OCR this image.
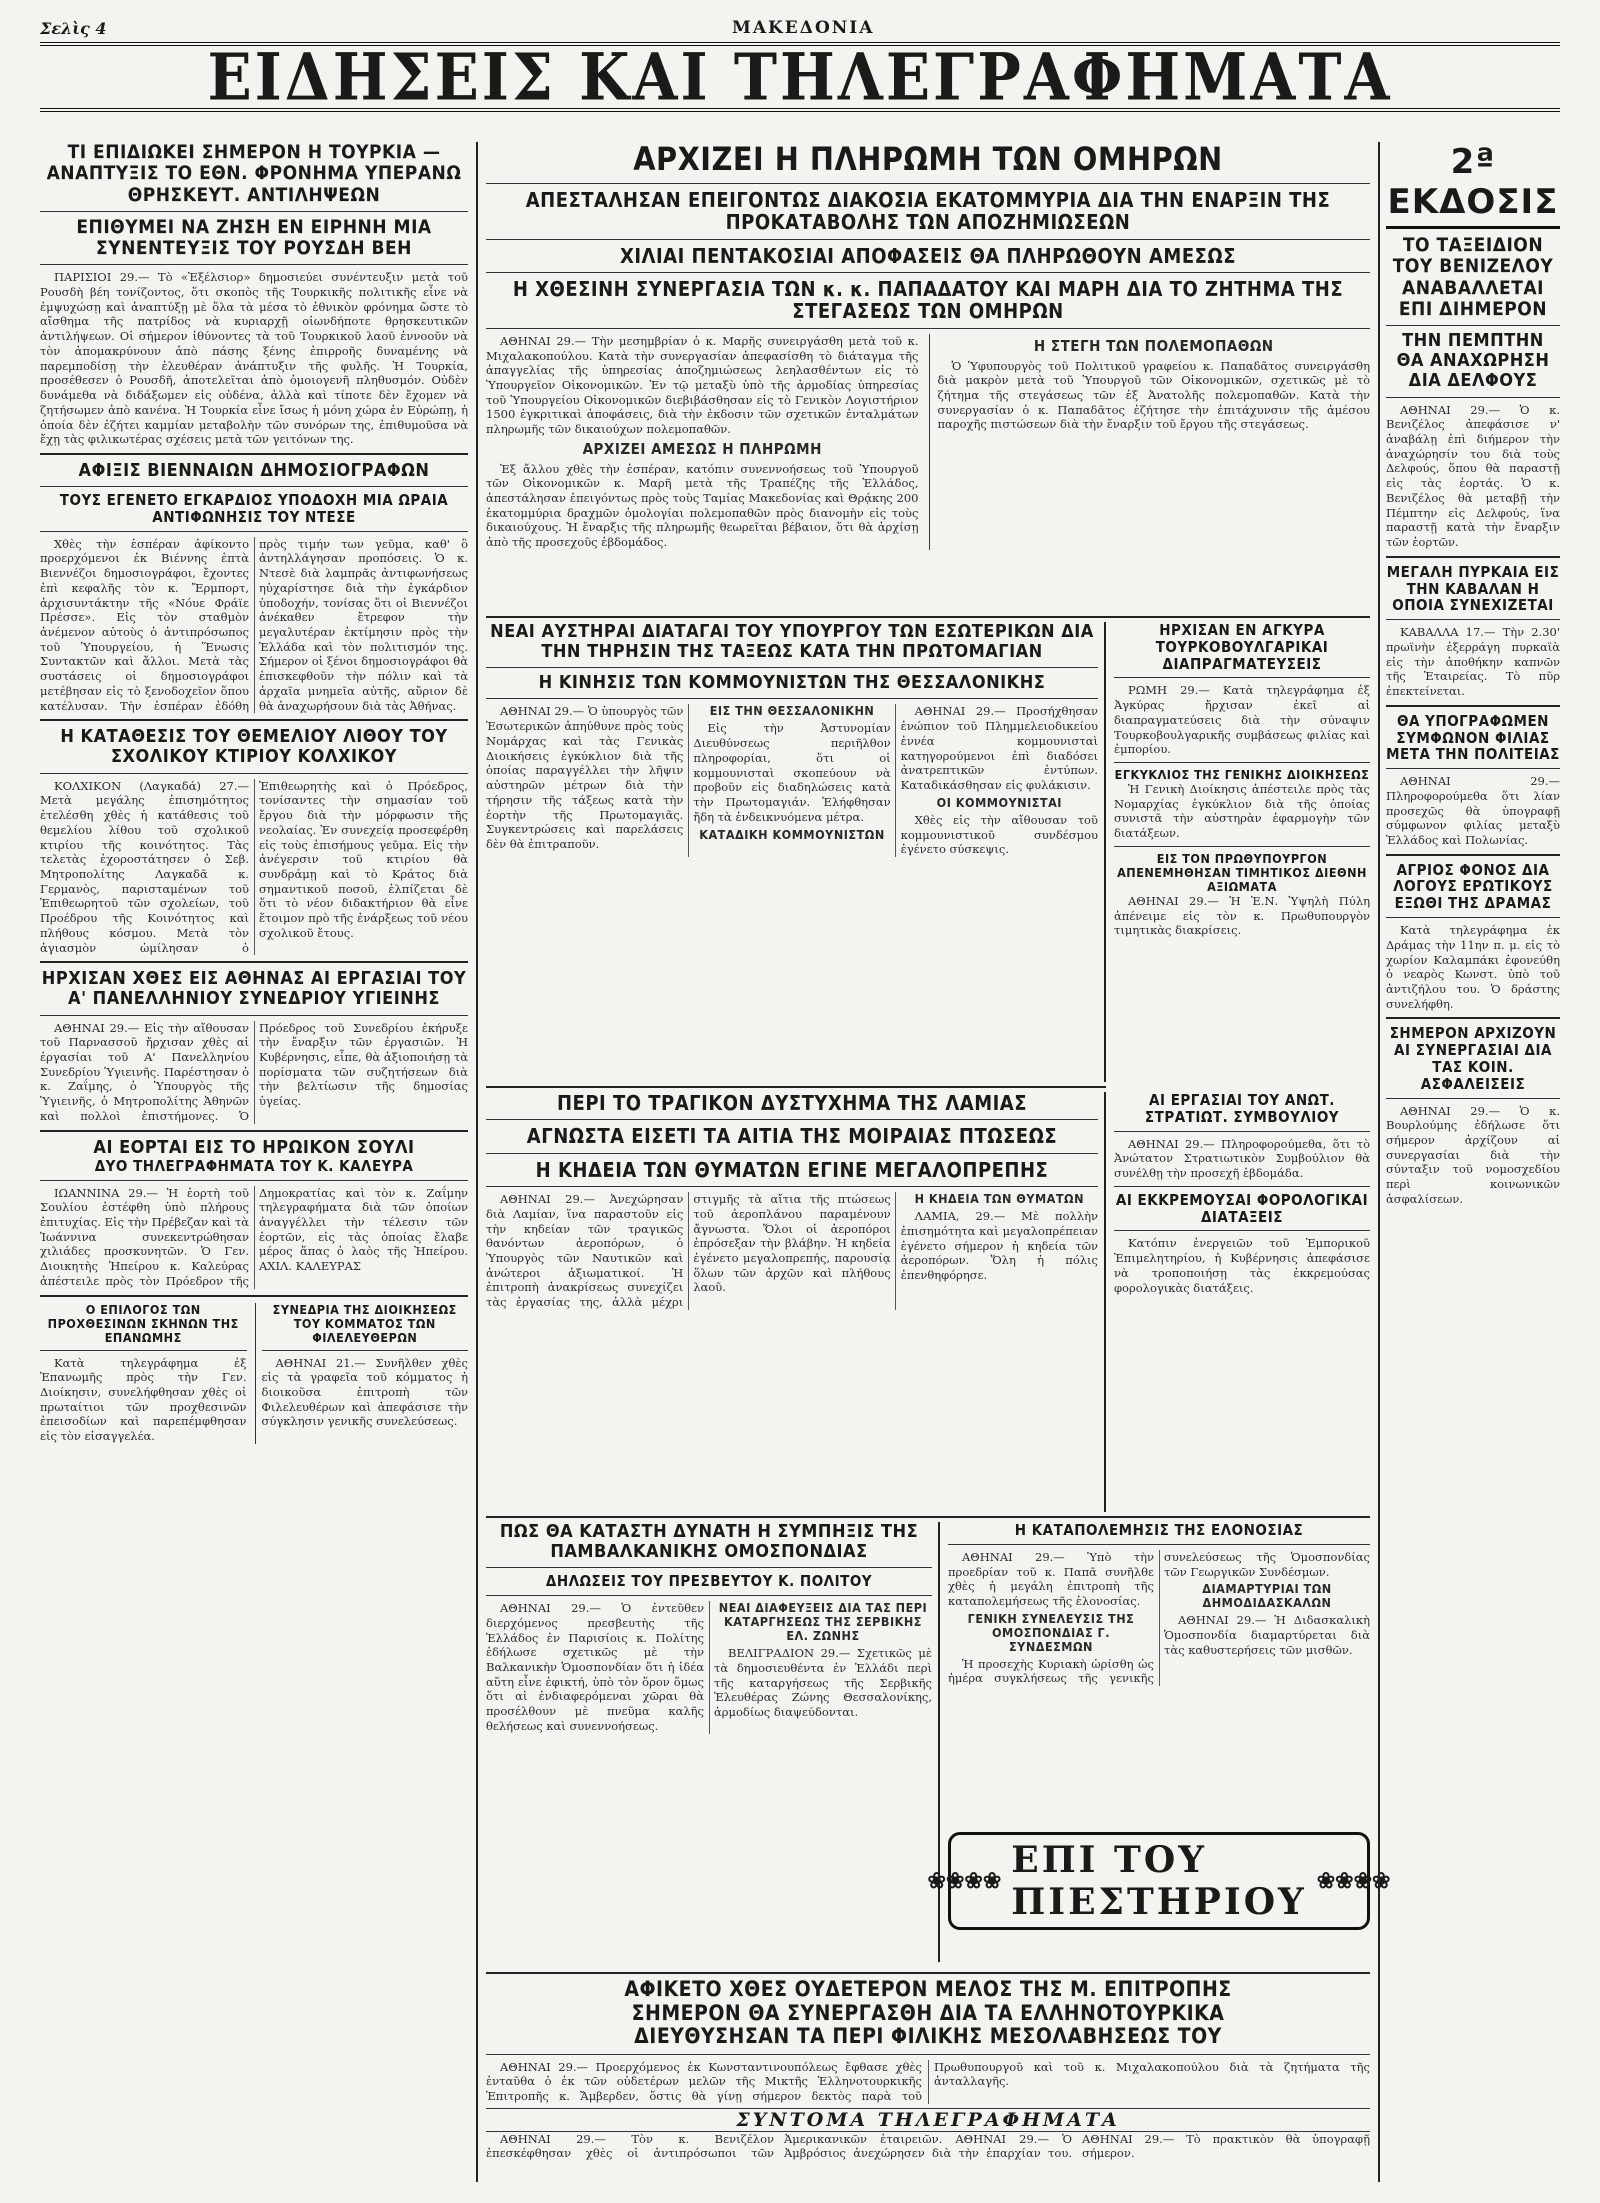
Σελὶς 4	ΜΑΚΕΔΟΝΙΑ
ΕΙΔΗΣΕΙΣ ΚΑΙ ΤΗΛΕΓΡΑΦΗΜΑΤΑ
ΤΙ ΕΠΙΔΙΩΚΕΙ ΣΗΜΕΡΟΝ Η ΤΟΥΡΚΙΑ — ΑΝΑΠΤΥΞΙΣ ΤΟ ΕΘΝ. ΦΡΟΝΗΜΑ ΥΠΕΡΑΝΩ ΘΡΗΣΚΕΥΤ. ΑΝΤΙΛΗΨΕΩΝ
ΕΠΙΘΥΜΕΙ ΝΑ ΖΗΣΗ ΕΝ ΕΙΡΗΝΗ ΜΙΑ ΣΥΝΕΝΤΕΥΞΙΣ ΤΟΥ ΡΟΥΣΔΗ ΒΕΗ

ΠΑΡΙΣΙΟΙ 29.— Τὸ «Ἐξέλσιορ» δημοσιεύει συνέντευξιν μετὰ τοῦ Ρουσδὴ βέη τονίζοντος, ὅτι σκοπὸς τῆς Τουρκικῆς πολιτικῆς εἶνε νὰ ἐμψυχώσῃ καὶ ἀναπτύξῃ μὲ ὅλα τὰ μέσα τὸ ἐθνικὸν φρόνημα ὥστε τὸ αἴσθημα τῆς πατρίδος νὰ κυριαρχῇ οἱωνδήποτε θρησκευτικῶν ἀντιλήψεων. Οἱ σήμερον ἰθύνοντες τὰ τοῦ Τουρκικοῦ λαοῦ ἐννοοῦν νὰ τὸν ἀπομακρύνουν ἀπὸ πάσης ξένης ἐπιρροῆς δυναμένης νὰ παρεμποδίσῃ τὴν ἐλευθέραν ἀνάπτυξιν τῆς φυλῆς. Ἡ Τουρκία, προσέθεσεν ὁ Ρουσδῆ, ἀποτελεῖται ἀπὸ ὁμοιογενῆ πληθυσμόν. Οὐδὲν δυνάμεθα νὰ διδάξωμεν εἰς οὐδένα, ἀλλὰ καὶ τίποτε δὲν ἔχομεν νὰ ζητήσωμεν ἀπὸ κανένα. Ἡ Τουρκία εἶνε ἴσως ἡ μόνη χώρα ἐν Εὐρώπῃ, ἡ ὁποία δὲν ἐζήτει καμμίαν μεταβολὴν τῶν συνόρων της, ἐπιθυμοῦσα νὰ ἔχῃ τὰς φιλικωτέρας σχέσεις μετὰ τῶν γειτόνων της.

ΑΦΙΞΙΣ ΒΙΕΝΝΑΙΩΝ ΔΗΜΟΣΙΟΓΡΑΦΩΝ
ΤΟΥΣ ΕΓΕΝΕΤΟ ΕΓΚΑΡΔΙΟΣ ΥΠΟΔΟΧΗ ΜΙΑ ΩΡΑΙΑ ΑΝΤΙΦΩΝΗΣΙΣ ΤΟΥ ΝΤΕΣΕ

Χθὲς τὴν ἑσπέραν ἀφίκοντο προερχόμενοι ἐκ Βιέννης ἑπτὰ Βιεννέζοι δημοσιογράφοι, ἔχοντες ἐπὶ κεφαλῆς τὸν κ. Ἔρμπορτ, ἀρχισυντάκτην τῆς «Νόυε Φράϊε Πρέσσε». Εἰς τὸν σταθμὸν ἀνέμενον αὐτοὺς ὁ ἀντιπρόσωπος τοῦ Ὑπουργείου, ἡ Ἕνωσις Συντακτῶν καὶ ἄλλοι. Μετὰ τὰς συστάσεις οἱ δημοσιογράφοι μετέβησαν εἰς τὸ ξενοδοχεῖον ὅπου κατέλυσαν. Τὴν ἑσπέραν ἐδόθη πρὸς τιμήν των γεῦμα, καθ' ὃ ἀντηλλάγησαν προπόσεις. Ὁ κ. Ντεσὲ διὰ λαμπρᾶς ἀντιφωνήσεως ηὐχαρίστησε διὰ τὴν ἐγκάρδιον ὑποδοχήν, τονίσας ὅτι οἱ Βιεννέζοι ἀνέκαθεν ἔτρεφον τὴν μεγαλυτέραν ἐκτίμησιν πρὸς τὴν Ἑλλάδα καὶ τὸν πολιτισμόν της. Σήμερον οἱ ξένοι δημοσιογράφοι θὰ ἐπισκεφθοῦν τὴν πόλιν καὶ τὰ ἀρχαῖα μνημεῖα αὐτῆς, αὔριον δὲ θὰ ἀναχωρήσουν διὰ τὰς Ἀθήνας.

Η ΚΑΤΑΘΕΣΙΣ ΤΟΥ ΘΕΜΕΛΙΟΥ ΛΙΘΟΥ ΤΟΥ ΣΧΟΛΙΚΟΥ ΚΤΙΡΙΟΥ ΚΟΛΧΙΚΟΥ

ΚΟΛΧΙΚΟΝ (Λαγκαδά) 27.— Μετὰ μεγάλης ἐπισημότητος ἐτελέσθη χθὲς ἡ κατάθεσις τοῦ θεμελίου λίθου τοῦ σχολικοῦ κτιρίου τῆς κοινότητος. Τὰς τελετὰς ἐχοροστάτησεν ὁ Σεβ. Μητροπολίτης Λαγκαδᾶ κ. Γερμανὸς, παρισταμένων τοῦ Ἐπιθεωρητοῦ τῶν σχολείων, τοῦ Προέδρου τῆς Κοινότητος καὶ πλήθους κόσμου. Μετὰ τὸν ἁγιασμὸν ὡμίλησαν ὁ Ἐπιθεωρητὴς καὶ ὁ Πρόεδρος, τονίσαντες τὴν σημασίαν τοῦ ἔργου διὰ τὴν μόρφωσιν τῆς νεολαίας. Ἐν συνεχείᾳ προσεφέρθη εἰς τοὺς ἐπισήμους γεῦμα. Εἰς τὴν ἀνέγερσιν τοῦ κτιρίου θὰ συνδράμῃ καὶ τὸ Κράτος διὰ σημαντικοῦ ποσοῦ, ἐλπίζεται δὲ ὅτι τὸ νέον διδακτήριον θὰ εἶνε ἕτοιμον πρὸ τῆς ἐνάρξεως τοῦ νέου σχολικοῦ ἔτους.

ΗΡΧΙΣΑΝ ΧΘΕΣ ΕΙΣ ΑΘΗΝΑΣ ΑΙ ΕΡΓΑΣΙΑΙ ΤΟΥ Α' ΠΑΝΕΛΛΗΝΙΟΥ ΣΥΝΕΔΡΙΟΥ ΥΓΙΕΙΝΗΣ

ΑΘΗΝΑΙ 29.— Εἰς τὴν αἴθουσαν τοῦ Παρνασσοῦ ἤρχισαν χθὲς αἱ ἐργασίαι τοῦ Α' Πανελληνίου Συνεδρίου Ὑγιεινῆς. Παρέστησαν ὁ κ. Ζαΐμης, ὁ Ὑπουργὸς τῆς Ὑγιεινῆς, ὁ Μητροπολίτης Ἀθηνῶν καὶ πολλοὶ ἐπιστήμονες. Ὁ Πρόεδρος τοῦ Συνεδρίου ἐκήρυξε τὴν ἔναρξιν τῶν ἐργασιῶν. Ἡ Κυβέρνησις, εἶπε, θὰ ἀξιοποιήσῃ τὰ πορίσματα τῶν συζητήσεων διὰ τὴν βελτίωσιν τῆς δημοσίας ὑγείας.

ΑΙ ΕΟΡΤΑΙ ΕΙΣ ΤΟ ΗΡΩΙΚΟΝ ΣΟΥΛΙ
ΔΥΟ ΤΗΛΕΓΡΑΦΗΜΑΤΑ ΤΟΥ Κ. ΚΑΛΕΥΡΑ

ΙΩΑΝΝΙΝΑ 29.— Ἡ ἑορτὴ τοῦ Σουλίου ἐστέφθη ὑπὸ πλήρους ἐπιτυχίας. Εἰς τὴν Πρέβεζαν καὶ τὰ Ἰωάννινα συνεκεντρώθησαν χιλιάδες προσκυνητῶν. Ὁ Γεν. Διοικητὴς Ἠπείρου κ. Καλεύρας ἀπέστειλε πρὸς τὸν Πρόεδρον τῆς Δημοκρατίας καὶ τὸν κ. Ζαΐμην τηλεγραφήματα διὰ τῶν ὁποίων ἀναγγέλλει τὴν τέλεσιν τῶν ἑορτῶν, εἰς τὰς ὁποίας ἔλαβε μέρος ἅπας ὁ λαὸς τῆς Ἠπείρου. ΑΧΙΛ. ΚΑΛΕΥΡΑΣ

Ο ΕΠΙΛΟΓΟΣ ΤΩΝ ΠΡΟΧΘΕΣΙΝΩΝ ΣΚΗΝΩΝ ΤΗΣ ΕΠΑΝΩΜΗΣ

Κατὰ τηλεγράφημα ἐξ Ἐπανωμῆς πρὸς τὴν Γεν. Διοίκησιν, συνελήφθησαν χθὲς οἱ πρωταίτιοι τῶν προχθεσινῶν ἐπεισοδίων καὶ παρεπέμφθησαν εἰς τὸν εἰσαγγελέα.

ΣΥΝΕΔΡΙΑ ΤΗΣ ΔΙΟΙΚΗΣΕΩΣ ΤΟΥ ΚΟΜΜΑΤΟΣ ΤΩΝ ΦΙΛΕΛΕΥΘΕΡΩΝ

ΑΘΗΝΑΙ 21.— Συνῆλθεν χθὲς εἰς τὰ γραφεῖα τοῦ κόμματος ἡ διοικοῦσα ἐπιτροπὴ τῶν Φιλελευθέρων καὶ ἀπεφάσισε τὴν σύγκλησιν γενικῆς συνελεύσεως.

ΑΡΧΙΖΕΙ Η ΠΛΗΡΩΜΗ ΤΩΝ ΟΜΗΡΩΝ
ΑΠΕΣΤΑΛΗΣΑΝ ΕΠΕΙΓΟΝΤΩΣ ΔΙΑΚΟΣΙΑ ΕΚΑΤΟΜΜΥΡΙΑ ΔΙΑ ΤΗΝ ΕΝΑΡΞΙΝ ΤΗΣ ΠΡΟΚΑΤΑΒΟΛΗΣ ΤΩΝ ΑΠΟΖΗΜΙΩΣΕΩΝ
ΧΙΛΙΑΙ ΠΕΝΤΑΚΟΣΙΑΙ ΑΠΟΦΑΣΕΙΣ ΘΑ ΠΛΗΡΩΘΟΥΝ ΑΜΕΣΩΣ
Η ΧΘΕΣΙΝΗ ΣΥΝΕΡΓΑΣΙΑ ΤΩΝ κ. κ. ΠΑΠΑΔΑΤΟΥ ΚΑΙ ΜΑΡΗ ΔΙΑ ΤΟ ΖΗΤΗΜΑ ΤΗΣ ΣΤΕΓΑΣΕΩΣ ΤΩΝ ΟΜΗΡΩΝ

ΑΘΗΝΑΙ 29.— Τὴν μεσημβρίαν ὁ κ. Μαρῆς συνειργάσθη μετὰ τοῦ κ. Μιχαλακοπούλου. Κατὰ τὴν συνεργασίαν ἀπεφασίσθη τὸ διάταγμα τῆς ἀπαγγελίας τῆς ὑπηρεσίας ἀποζημιώσεως λεηλασθέντων εἰς τὸ Ὑπουργεῖον Οἰκονομικῶν. Ἐν τῷ μεταξὺ ὑπὸ τῆς ἁρμοδίας ὑπηρεσίας τοῦ Ὑπουργείου Οἰκονομικῶν διεβιβάσθησαν εἰς τὸ Γενικὸν Λογιστήριον 1500 ἐγκριτικαὶ ἀποφάσεις, διὰ τὴν ἐκδοσιν τῶν σχετικῶν ἐνταλμάτων πληρωμῆς τῶν δικαιούχων πολεμοπαθῶν.

ΑΡΧΙΖΕΙ ΑΜΕΣΩΣ Η ΠΛΗΡΩΜΗ

Ἐξ ἄλλου χθὲς τὴν ἑσπέραν, κατόπιν συνεννοήσεως τοῦ Ὑπουργοῦ τῶν Οἰκονομικῶν κ. Μαρῆ μετὰ τῆς Τραπέζης τῆς Ἑλλάδος, ἀπεστάλησαν ἐπειγόντως πρὸς τοὺς Ταμίας Μακεδονίας καὶ Θρᾴκης 200 ἑκατομμύρια δραχμῶν ὁμολογίαι πολεμοπαθῶν πρὸς διανομὴν εἰς τοὺς δικαιούχους. Ἡ ἔναρξις τῆς πληρωμῆς θεωρεῖται βέβαιον, ὅτι θὰ ἀρχίσῃ ἀπὸ τῆς προσεχοῦς ἑβδομάδος.

Η ΣΤΕΓΗ ΤΩΝ ΠΟΛΕΜΟΠΑΘΩΝ

Ὁ Ὑφυπουργὸς τοῦ Πολιτικοῦ γραφείου κ. Παπαδᾶτος συνειργάσθη διὰ μακρὸν μετὰ τοῦ Ὑπουργοῦ τῶν Οἰκονομικῶν, σχετικῶς μὲ τὸ ζήτημα τῆς στεγάσεως τῶν ἐξ Ἀνατολῆς πολεμοπαθῶν. Κατὰ τὴν συνεργασίαν ὁ κ. Παπαδᾶτος ἐζήτησε τὴν ἐπιτάχυνσιν τῆς ἀμέσου παροχῆς πιστώσεων διὰ τὴν ἔναρξιν τοῦ ἔργου τῆς στεγάσεως.

ΝΕΑΙ ΑΥΣΤΗΡΑΙ ΔΙΑΤΑΓΑΙ ΤΟΥ ΥΠΟΥΡΓΟΥ ΤΩΝ ΕΣΩΤΕΡΙΚΩΝ ΔΙΑ ΤΗΝ ΤΗΡΗΣΙΝ ΤΗΣ ΤΑΞΕΩΣ ΚΑΤΑ ΤΗΝ ΠΡΩΤΟΜΑΓΙΑΝ
Η ΚΙΝΗΣΙΣ ΤΩΝ ΚΟΜΜΟΥΝΙΣΤΩΝ ΤΗΣ ΘΕΣΣΑΛΟΝΙΚΗΣ

ΑΘΗΝΑΙ 29.— Ὁ ὑπουργὸς τῶν Ἐσωτερικῶν ἀπηύθυνε πρὸς τοὺς Νομάρχας καὶ τὰς Γενικὰς Διοικήσεις ἐγκύκλιον διὰ τῆς ὁποίας παραγγέλλει τὴν λῆψιν αὐστηρῶν μέτρων διὰ τὴν τήρησιν τῆς τάξεως κατὰ τὴν ἑορτὴν τῆς Πρωτομαγιᾶς. Συγκεντρώσεις καὶ παρελάσεις δὲν θὰ ἐπιτραποῦν.

ΕΙΣ ΤΗΝ ΘΕΣΣΑΛΟΝΙΚΗΝ

Εἰς τὴν Ἀστυνομίαν Διευθύνσεως περιῆλθον πληροφορίαι, ὅτι οἱ κομμουνισταὶ σκοπεύουν νὰ προβοῦν εἰς διαδηλώσεις κατὰ τὴν Πρωτομαγιάν. Ἐλήφθησαν ἤδη τὰ ἐνδεικνυόμενα μέτρα.

ΚΑΤΑΔΙΚΗ ΚΟΜΜΟΥΝΙΣΤΩΝ

ΑΘΗΝΑΙ 29.— Προσήχθησαν ἐνώπιον τοῦ Πλημμελειοδικείου ἐννέα κομμουνισταὶ κατηγορούμενοι ἐπὶ διαδόσει ἀνατρεπτικῶν ἐντύπων. Καταδικάσθησαν εἰς φυλάκισιν.

ΟΙ ΚΟΜΜΟΥΝΙΣΤΑΙ

Χθὲς εἰς τὴν αἴθουσαν τοῦ κομμουνιστικοῦ συνδέσμου ἐγένετο σύσκεψις.

ΗΡΧΙΣΑΝ ΕΝ ΑΓΚΥΡΑ ΤΟΥΡΚΟΒΟΥΛΓΑΡΙΚΑΙ ΔΙΑΠΡΑΓΜΑΤΕΥΣΕΙΣ

ΡΩΜΗ 29.— Κατὰ τηλεγράφημα ἐξ Ἀγκύρας ἤρχισαν ἐκεῖ αἱ διαπραγματεύσεις διὰ τὴν σύναψιν Τουρκοβουλγαρικῆς συμβάσεως φιλίας καὶ ἐμπορίου.

ΕΓΚΥΚΛΙΟΣ ΤΗΣ ΓΕΝΙΚΗΣ ΔΙΟΙΚΗΣΕΩΣ

Ἡ Γενικὴ Διοίκησις ἀπέστειλε πρὸς τὰς Νομαρχίας ἐγκύκλιον διὰ τῆς ὁποίας συνιστᾶ τὴν αὐστηρὰν ἐφαρμογὴν τῶν διατάξεων.

ΕΙΣ ΤΟΝ ΠΡΩΘΥΠΟΥΡΓΟΝ ΑΠΕΝΕΜΗΘΗΣΑΝ ΤΙΜΗΤΙΚΟΣ ΔΙΕΘΝΗ ΑΞΙΩΜΑΤΑ

ΑΘΗΝΑΙ 29.— Ἡ Ἐ.Ν. Ὑψηλὴ Πύλη ἀπένειμε εἰς τὸν κ. Πρωθυπουργὸν τιμητικὰς διακρίσεις.

ΠΕΡΙ ΤΟ ΤΡΑΓΙΚΟΝ ΔΥΣΤΥΧΗΜΑ ΤΗΣ ΛΑΜΙΑΣ
ΑΓΝΩΣΤΑ ΕΙΣΕΤΙ ΤΑ ΑΙΤΙΑ ΤΗΣ ΜΟΙΡΑΙΑΣ ΠΤΩΣΕΩΣ
Η ΚΗΔΕΙΑ ΤΩΝ ΘΥΜΑΤΩΝ ΕΓΙΝΕ ΜΕΓΑΛΟΠΡΕΠΗΣ

ΑΘΗΝΑΙ 29.— Ἀνεχώρησαν διὰ Λαμίαν, ἵνα παραστοῦν εἰς τὴν κηδείαν τῶν τραγικῶς θανόντων ἀεροπόρων, ὁ Ὑπουργὸς τῶν Ναυτικῶν καὶ ἀνώτεροι ἀξιωματικοί. Ἡ ἐπιτροπὴ ἀνακρίσεως συνεχίζει τὰς ἐργασίας της, ἀλλὰ μέχρι στιγμῆς τὰ αἴτια τῆς πτώσεως τοῦ ἀεροπλάνου παραμένουν ἄγνωστα. Ὅλοι οἱ ἀεροπόροι ἐπρόσεξαν τὴν βλάβην. Ἡ κηδεία ἐγένετο μεγαλοπρεπής, παρουσίᾳ ὅλων τῶν ἀρχῶν καὶ πλήθους λαοῦ.

Η ΚΗΔΕΙΑ ΤΩΝ ΘΥΜΑΤΩΝ

ΛΑΜΙΑ, 29.— Μὲ πολλὴν ἐπισημότητα καὶ μεγαλοπρέπειαν ἐγένετο σήμερον ἡ κηδεία τῶν ἀεροπόρων. Ὅλη ἡ πόλις ἐπενθηφόρησε.

ΑΙ ΕΡΓΑΣΙΑΙ ΤΟΥ ΑΝΩΤ. ΣΤΡΑΤΙΩΤ. ΣΥΜΒΟΥΛΙΟΥ

ΑΘΗΝΑΙ 29.— Πληροφορούμεθα, ὅτι τὸ Ἀνώτατον Στρατιωτικὸν Συμβούλιον θὰ συνέλθῃ τὴν προσεχῆ ἑβδομάδα.

ΑΙ ΕΚΚΡΕΜΟΥΣΑΙ ΦΟΡΟΛΟΓΙΚΑΙ ΔΙΑΤΑΞΕΙΣ

Κατόπιν ἐνεργειῶν τοῦ Ἐμπορικοῦ Ἐπιμελητηρίου, ἡ Κυβέρνησις ἀπεφάσισε νὰ τροποποιήσῃ τὰς ἐκκρεμούσας φορολογικὰς διατάξεις.

ΠΩΣ ΘΑ ΚΑΤΑΣΤΗ ΔΥΝΑΤΗ Η ΣΥΜΠΗΞΙΣ ΤΗΣ ΠΑΜΒΑΛΚΑΝΙΚΗΣ ΟΜΟΣΠΟΝΔΙΑΣ
ΔΗΛΩΣΕΙΣ ΤΟΥ ΠΡΕΣΒΕΥΤΟΥ Κ. ΠΟΛΙΤΟΥ

ΑΘΗΝΑΙ 29.— Ὁ ἐντεῦθεν διερχόμενος πρεσβευτὴς τῆς Ἑλλάδος ἐν Παρισίοις κ. Πολίτης ἐδήλωσε σχετικῶς μὲ τὴν Βαλκανικὴν Ὁμοσπονδίαν ὅτι ἡ ἰδέα αὕτη εἶνε ἐφικτή, ὑπὸ τὸν ὅρον ὅμως ὅτι αἱ ἐνδιαφερόμεναι χῶραι θὰ προσέλθουν μὲ πνεῦμα καλῆς θελήσεως καὶ συνεννοήσεως.

ΝΕΑΙ ΔΙΑΦΕΥΞΕΙΣ ΔΙΑ ΤΑΣ ΠΕΡΙ ΚΑΤΑΡΓΗΣΕΩΣ ΤΗΣ ΣΕΡΒΙΚΗΣ ΕΛ. ΖΩΝΗΣ

ΒΕΛΙΓΡΑΔΙΟΝ 29.— Σχετικῶς μὲ τὰ δημοσιευθέντα ἐν Ἑλλάδι περὶ τῆς καταργήσεως τῆς Σερβικῆς Ἐλευθέρας Ζώνης Θεσσαλονίκης, ἁρμοδίως διαψεύδονται.

Η ΚΑΤΑΠΟΛΕΜΗΣΙΣ ΤΗΣ ΕΛΟΝΟΣΙΑΣ

ΑΘΗΝΑΙ 29.— Ὑπὸ τὴν προεδρίαν τοῦ κ. Παπᾶ συνῆλθε χθὲς ἡ μεγάλη ἐπιτροπὴ τῆς καταπολεμήσεως τῆς ἑλονοσίας.

ΓΕΝΙΚΗ ΣΥΝΕΛΕΥΣΙΣ ΤΗΣ ΟΜΟΣΠΟΝΔΙΑΣ Γ. ΣΥΝΔΕΣΜΩΝ

Ἡ προσεχὴς Κυριακὴ ὡρίσθη ὡς ἡμέρα συγκλήσεως τῆς γενικῆς συνελεύσεως τῆς Ὁμοσπονδίας τῶν Γεωργικῶν Συνδέσμων.

ΔΙΑΜΑΡΤΥΡΙΑΙ ΤΩΝ ΔΗΜΟΔΙΔΑΣΚΑΛΩΝ

ΑΘΗΝΑΙ 29.— Ἡ Διδασκαλικὴ Ὁμοσπονδία διαμαρτύρεται διὰ τὰς καθυστερήσεις τῶν μισθῶν.

❀❀❀❀ ΕΠΙ ΤΟΥ ΠΙΕΣΤΗΡΙΟΥ ❀❀❀❀
ΑΦΙΚΕΤΟ ΧΘΕΣ ΟΥΔΕΤΕΡΟΝ ΜΕΛΟΣ ΤΗΣ Μ. ΕΠΙΤΡΟΠΗΣ
ΣΗΜΕΡΟΝ ΘΑ ΣΥΝΕΡΓΑΣΘΗ ΔΙΑ ΤΑ ΕΛΛΗΝΟΤΟΥΡΚΙΚΑ
ΔΙΕΥΘΥΣΗΣΑΝ ΤΑ ΠΕΡΙ ΦΙΛΙΚΗΣ ΜΕΣΟΛΑΒΗΣΕΩΣ ΤΟΥ

ΑΘΗΝΑΙ 29.— Προερχόμενος ἐκ Κωνσταντινουπόλεως ἔφθασε χθὲς ἐνταῦθα ὁ ἐκ τῶν οὐδετέρων μελῶν τῆς Μικτῆς Ἑλληνοτουρκικῆς Ἐπιτροπῆς κ. Ἄμβερδεν, ὅστις θὰ γίνῃ σήμερον δεκτὸς παρὰ τοῦ Πρωθυπουργοῦ καὶ τοῦ κ. Μιχαλακοπούλου διὰ τὰ ζητήματα τῆς ἀνταλλαγῆς.

ΣΥΝΤΟΜΑ ΤΗΛΕΓΡΑΦΗΜΑΤΑ

ΑΘΗΝΑΙ 29.— Τὸν κ. Βενιζέλον ἐπεσκέφθησαν χθὲς οἱ ἀντιπρόσωποι τῶν Ἀμερικανικῶν ἑταιρειῶν. ΑΘΗΝΑΙ 29.— Ὁ Ἀμβρόσιος ἀνεχώρησεν διὰ τὴν ἐπαρχίαν του. ΑΘΗΝΑΙ 29.— Τὸ πρακτικὸν θὰ ὑπογραφῇ σήμερον.

2ª ΕΚΔΟΣΙΣ
ΤΟ ΤΑΞΕΙΔΙΟΝ ΤΟΥ ΒΕΝΙΖΕΛΟΥ ΑΝΑΒΑΛΛΕΤΑΙ ΕΠΙ ΔΙΗΜΕΡΟΝ
ΤΗΝ ΠΕΜΠΤΗΝ ΘΑ ΑΝΑΧΩΡΗΣΗ ΔΙΑ ΔΕΛΦΟΥΣ

ΑΘΗΝΑΙ 29.— Ὁ κ. Βενιζέλος ἀπεφάσισε ν' ἀναβάλῃ ἐπὶ διήμερον τὴν ἀναχώρησίν του διὰ τοὺς Δελφούς, ὅπου θὰ παραστῇ εἰς τὰς ἑορτάς. Ὁ κ. Βενιζέλος θὰ μεταβῇ τὴν Πέμπτην εἰς Δελφούς, ἵνα παραστῇ κατὰ τὴν ἔναρξιν τῶν ἑορτῶν.

ΜΕΓΑΛΗ ΠΥΡΚΑΙΑ ΕΙΣ ΤΗΝ ΚΑΒΑΛΑΝ Η ΟΠΟΙΑ ΣΥΝΕΧΙΖΕΤΑΙ

ΚΑΒΑΛΛΑ 17.— Τὴν 2.30' πρωϊνὴν ἐξερράγη πυρκαϊὰ εἰς τὴν ἀποθήκην καπνῶν τῆς Ἑταιρείας. Τὸ πῦρ ἐπεκτείνεται.

ΘΑ ΥΠΟΓΡΑΦΩΜΕΝ ΣΥΜΦΩΝΟΝ ΦΙΛΙΑΣ ΜΕΤΑ ΤΗΝ ΠΟΛΙΤΕΙΑΣ

ΑΘΗΝΑΙ 29.— Πληροφορούμεθα ὅτι λίαν προσεχῶς θὰ ὑπογραφῇ σύμφωνον φιλίας μεταξὺ Ἑλλάδος καὶ Πολωνίας.

ΑΓΡΙΟΣ ΦΟΝΟΣ ΔΙΑ ΛΟΓΟΥΣ ΕΡΩΤΙΚΟΥΣ ΕΞΩΘΙ ΤΗΣ ΔΡΑΜΑΣ

Κατὰ τηλεγράφημα ἐκ Δράμας τὴν 11ην π. μ. εἰς τὸ χωρίον Καλαμπάκι ἐφονεύθη ὁ νεαρὸς Κωνστ. ὑπὸ τοῦ ἀντιζήλου του. Ὁ δράστης συνελήφθη.

ΣΗΜΕΡΟΝ ΑΡΧΙΖΟΥΝ ΑΙ ΣΥΝΕΡΓΑΣΙΑΙ ΔΙΑ ΤΑΣ ΚΟΙΝ. ΑΣΦΑΛΕΙΣΕΙΣ

ΑΘΗΝΑΙ 29.— Ὁ κ. Βουρλούμης ἐδήλωσε ὅτι σήμερον ἀρχίζουν αἱ συνεργασίαι διὰ τὴν σύνταξιν τοῦ νομοσχεδίου περὶ κοινωνικῶν ἀσφαλίσεων.
